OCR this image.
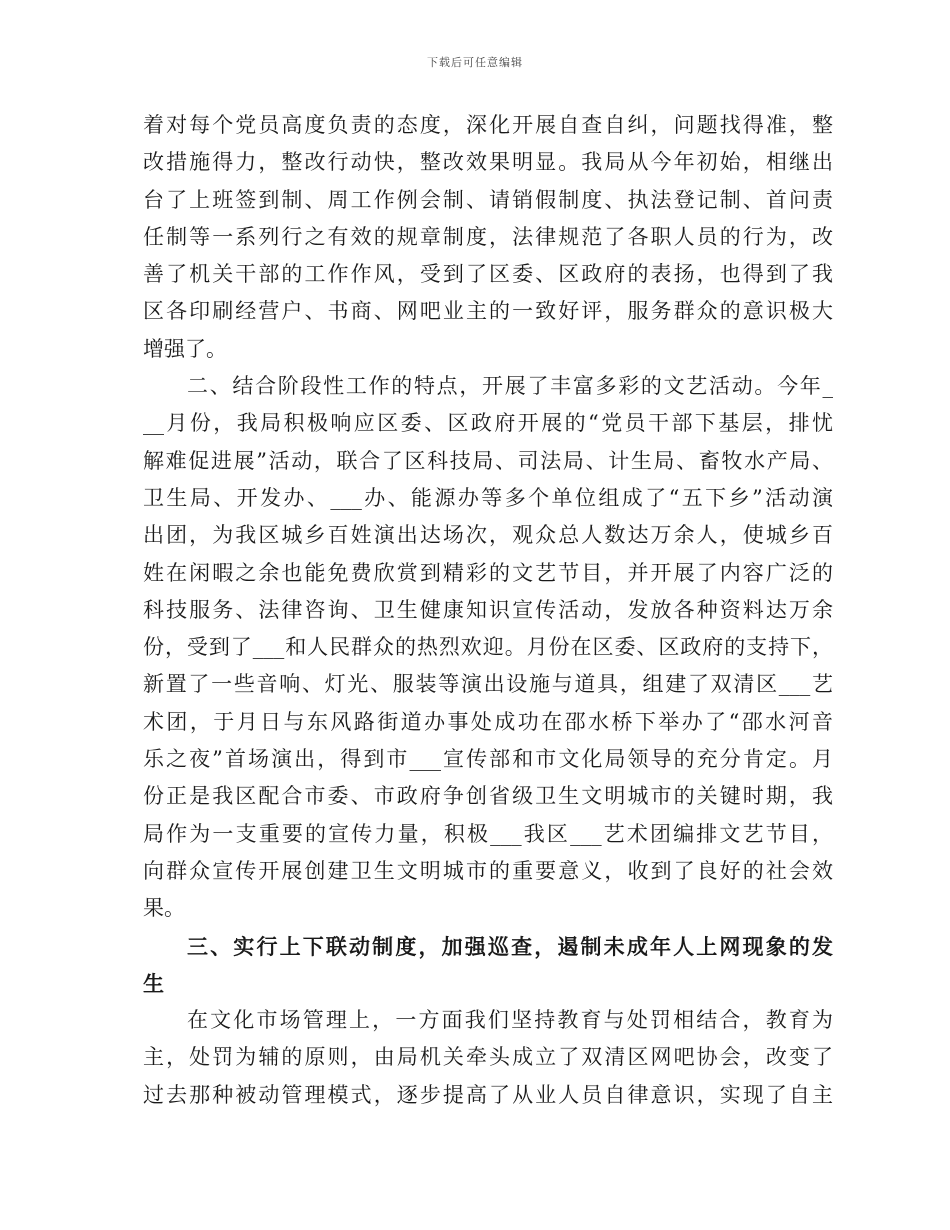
下载后可任意编辑
着对每个党员高度负责的态度，深化开展自查自纠，问题找得准，整
改措施得力，整改行动快，整改效果明显。我局从今年初始，相继出
台了上班签到制、周工作例会制、请销假制度、执法登记制、首问责
任制等一系列行之有效的规章制度，法律规范了各职人员的行为，改
善了机关干部的工作作风，受到了区委、区政府的表扬，也得到了我
区各印刷经营户、书商、网吧业主的一致好评，服务群众的意识极大
增强了。
二、结合阶段性工作的特点，开展了丰富多彩的文艺活动。今年_
__月份，我局积极响应区委、区政府开展的“党员干部下基层，排忧
解难促进展”活动，联合了区科技局、司法局、计生局、畜牧水产局、
卫生局、开发办、___办、能源办等多个单位组成了“五下乡”活动演
出团，为我区城乡百姓演出达场次，观众总人数达万余人，使城乡百
姓在闲暇之余也能免费欣赏到精彩的文艺节目，并开展了内容广泛的
科技服务、法律咨询、卫生健康知识宣传活动，发放各种资料达万余
份，受到了___和人民群众的热烈欢迎。月份在区委、区政府的支持下，
新置了一些音响、灯光、服装等演出设施与道具，组建了双清区___艺
术团，于月日与东风路街道办事处成功在邵水桥下举办了“邵水河音
乐之夜”首场演出，得到市___宣传部和市文化局领导的充分肯定。月
份正是我区配合市委、市政府争创省级卫生文明城市的关键时期，我
局作为一支重要的宣传力量，积极___我区___艺术团编排文艺节目，
向群众宣传开展创建卫生文明城市的重要意义，收到了良好的社会效
果。
三、实行上下联动制度，加强巡查，遏制未成年人上网现象的发
生
在文化市场管理上，一方面我们坚持教育与处罚相结合，教育为
主，处罚为辅的原则，由局机关牵头成立了双清区网吧协会，改变了
过去那种被动管理模式，逐步提高了从业人员自律意识，实现了自主
